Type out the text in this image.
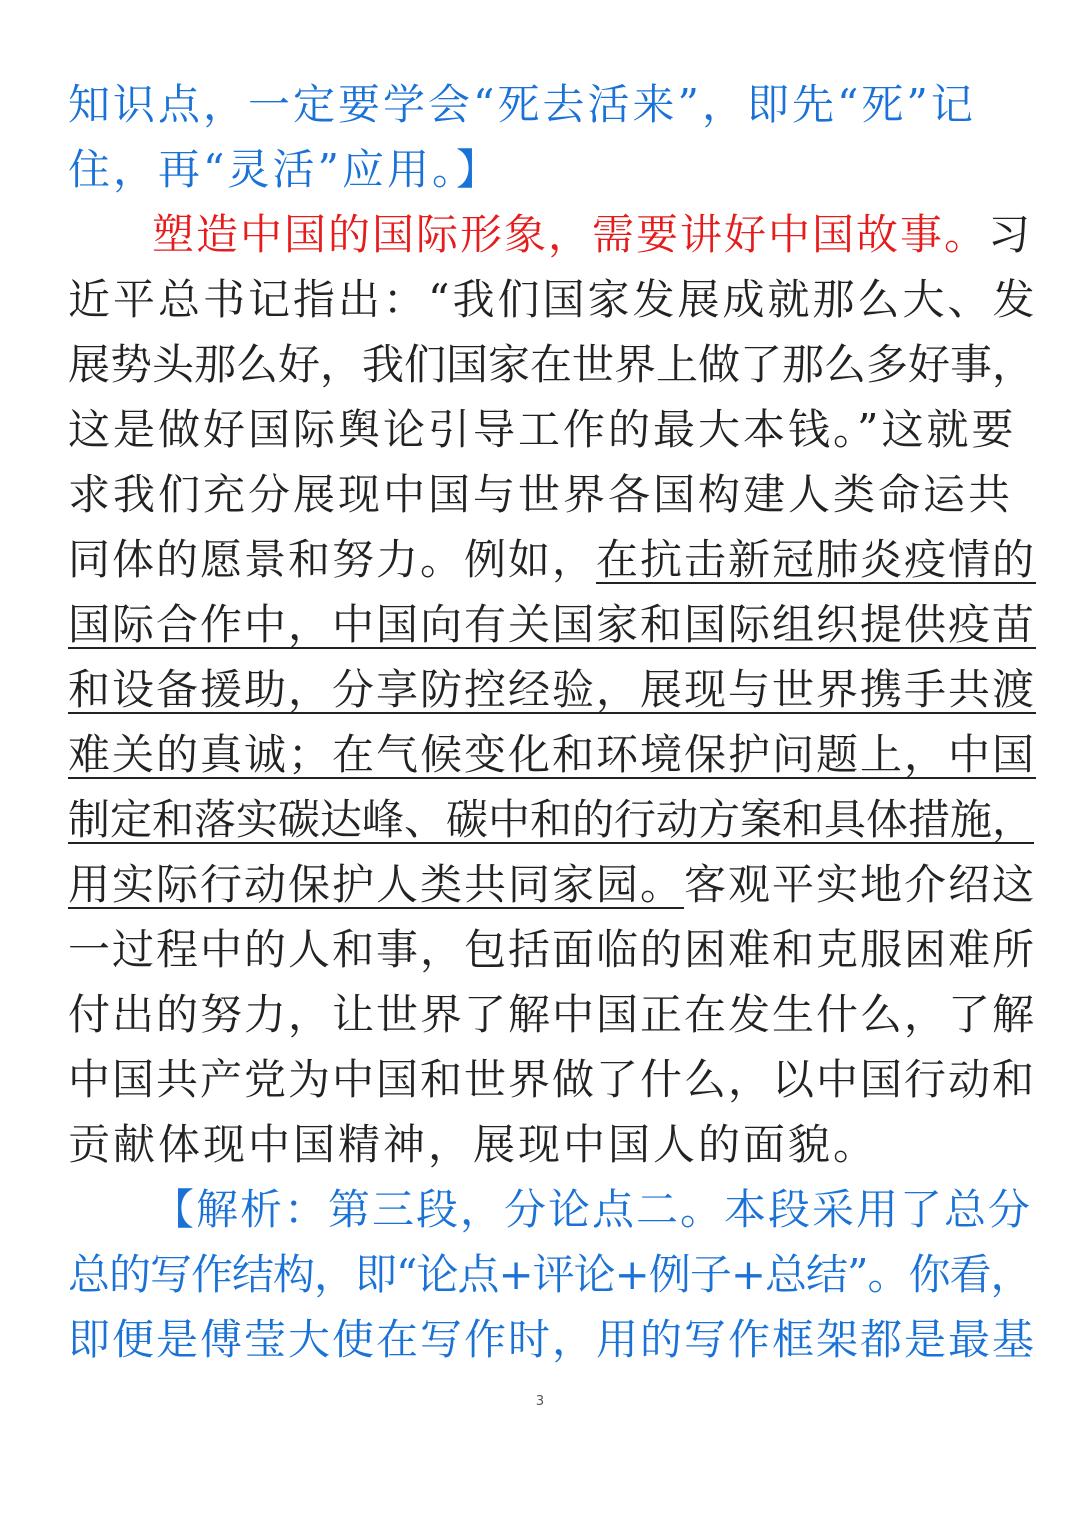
知识点，一定要学会“死去活来”，即先“死”记
住，再“灵活”应用。】
塑造中国的国际形象，需要讲好中国故事。习
近平总书记指出：“我们国家发展成就那么大、发
展势头那么好，我们国家在世界上做了那么多好事，
这是做好国际舆论引导工作的最大本钱。”这就要
求我们充分展现中国与世界各国构建人类命运共
同体的愿景和努力。例如，在抗击新冠肺炎疫情的
国际合作中，中国向有关国家和国际组织提供疫苗
和设备援助，分享防控经验，展现与世界携手共渡
难关的真诚；在气候变化和环境保护问题上，中国
制定和落实碳达峰、碳中和的行动方案和具体措施，
用实际行动保护人类共同家园。客观平实地介绍这
一过程中的人和事，包括面临的困难和克服困难所
付出的努力，让世界了解中国正在发生什么，了解
中国共产党为中国和世界做了什么，以中国行动和
贡献体现中国精神，展现中国人的面貌。
【解析：第三段，分论点二。本段采用了总分
总的写作结构，即“论点+评论+例子+总结”。你看，
即便是傅莹大使在写作时，用的写作框架都是最基
3
